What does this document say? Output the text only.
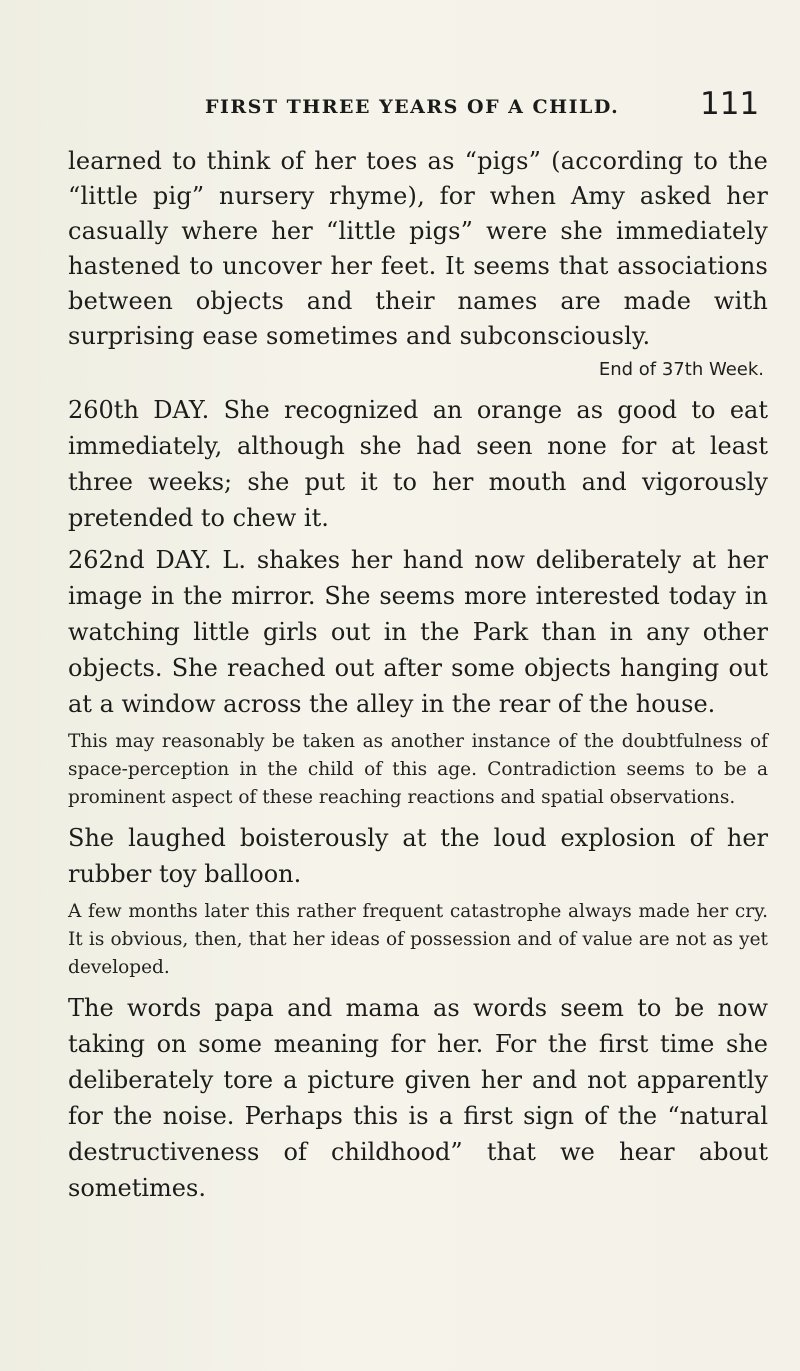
FIRST THREE YEARS OF A CHILD.	111

learned to think of her toes as “pigs” (according to the “little pig” nursery rhyme), for when Amy asked her casually where her “little pigs” were she immediately hastened to uncover her feet. It seems that associations between objects and their names are made with surprising ease sometimes and subconsciously.

End of 37th Week.

260th DAY. She recognized an orange as good to eat immediately, although she had seen none for at least three weeks; she put it to her mouth and vigorously pretended to chew it.

262nd DAY. L. shakes her hand now deliberately at her image in the mirror. She seems more interested today in watching little girls out in the Park than in any other objects. She reached out after some objects hanging out at a window across the alley in the rear of the house.

This may reasonably be taken as another instance of the doubtfulness of space-perception in the child of this age. Contradiction seems to be a prominent aspect of these reaching reactions and spatial observations.

She laughed boisterously at the loud explosion of her rubber toy balloon.

A few months later this rather frequent catastrophe always made her cry. It is obvious, then, that her ideas of possession and of value are not as yet developed.

The words papa and mama as words seem to be now taking on some meaning for her. For the first time she deliberately tore a picture given her and not apparently for the noise. Perhaps this is a first sign of the “natural destructiveness of childhood” that we hear about sometimes.
